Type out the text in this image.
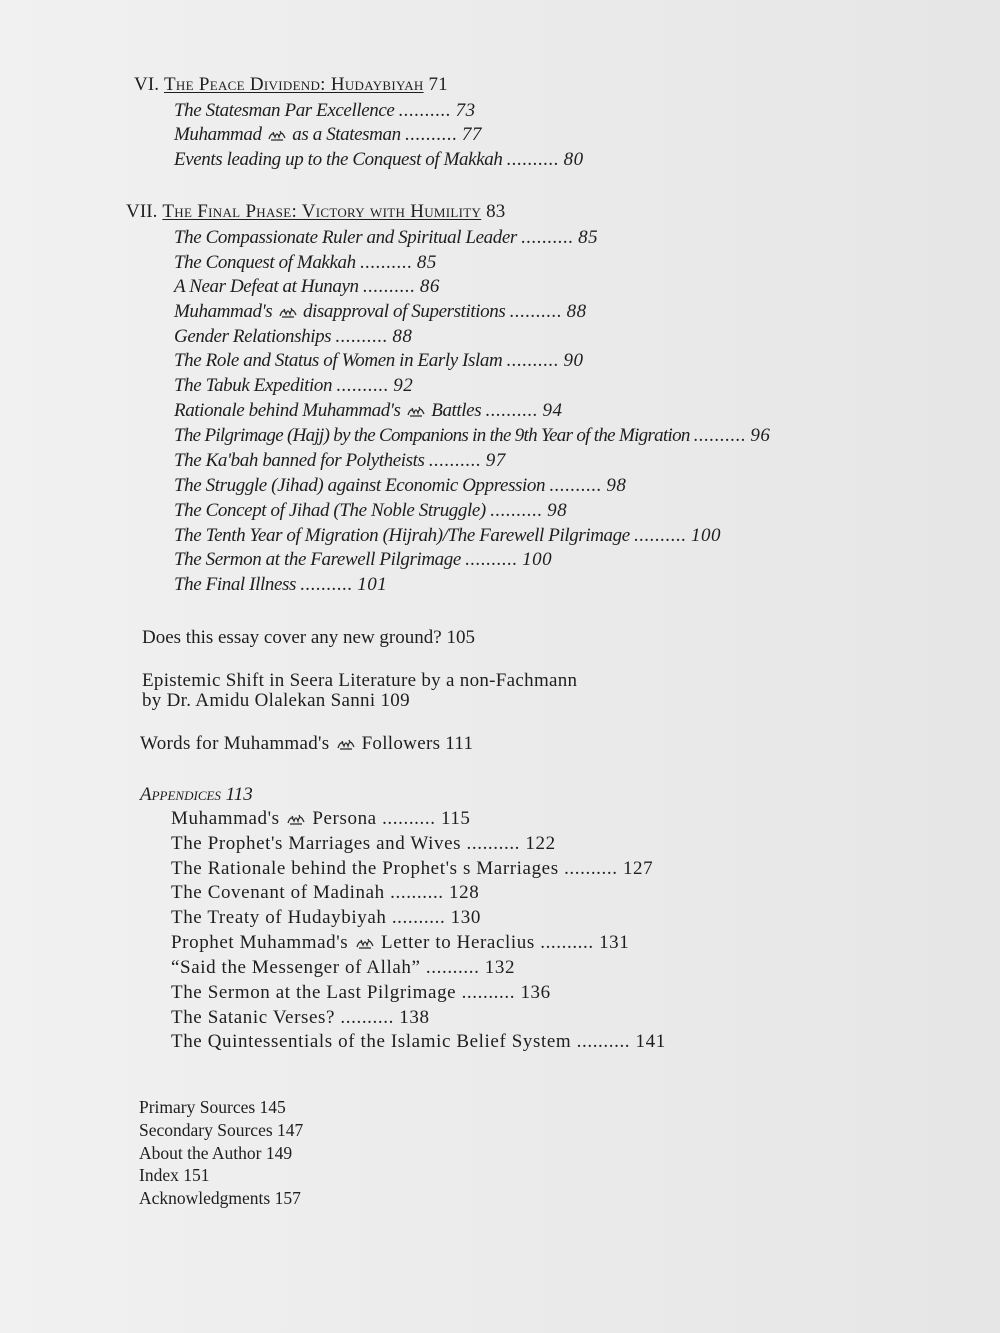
VI. The Peace Dividend: Hudaybiyah 71
The Statesman Par Excellence .......... 73
Muhammad as a Statesman .......... 77
Events leading up to the Conquest of Makkah .......... 80
VII. The Final Phase: Victory with Humility 83
The Compassionate Ruler and Spiritual Leader .......... 85
The Conquest of Makkah .......... 85
A Near Defeat at Hunayn .......... 86
Muhammad's disapproval of Superstitions .......... 88
Gender Relationships .......... 88
The Role and Status of Women in Early Islam .......... 90
The Tabuk Expedition .......... 92
Rationale behind Muhammad's Battles .......... 94
The Pilgrimage (Hajj) by the Companions in the 9th Year of the Migration .......... 96
The Ka'bah banned for Polytheists .......... 97
The Struggle (Jihad) against Economic Oppression .......... 98
The Concept of Jihad (The Noble Struggle) .......... 98
The Tenth Year of Migration (Hijrah)/The Farewell Pilgrimage .......... 100
The Sermon at the Farewell Pilgrimage .......... 100
The Final Illness .......... 101
Does this essay cover any new ground? 105
Epistemic Shift in Seera Literature by a non-Fachmann
by Dr. Amidu Olalekan Sanni 109
Words for Muhammad's Followers 111
Appendices 113
Muhammad's Persona .......... 115
The Prophet's Marriages and Wives .......... 122
The Rationale behind the Prophet's s Marriages .......... 127
The Covenant of Madinah .......... 128
The Treaty of Hudaybiyah .......... 130
Prophet Muhammad's Letter to Heraclius .......... 131
“Said the Messenger of Allah” .......... 132
The Sermon at the Last Pilgrimage .......... 136
The Satanic Verses? .......... 138
The Quintessentials of the Islamic Belief System .......... 141
Primary Sources 145
Secondary Sources 147
About the Author 149
Index 151
Acknowledgments 157
